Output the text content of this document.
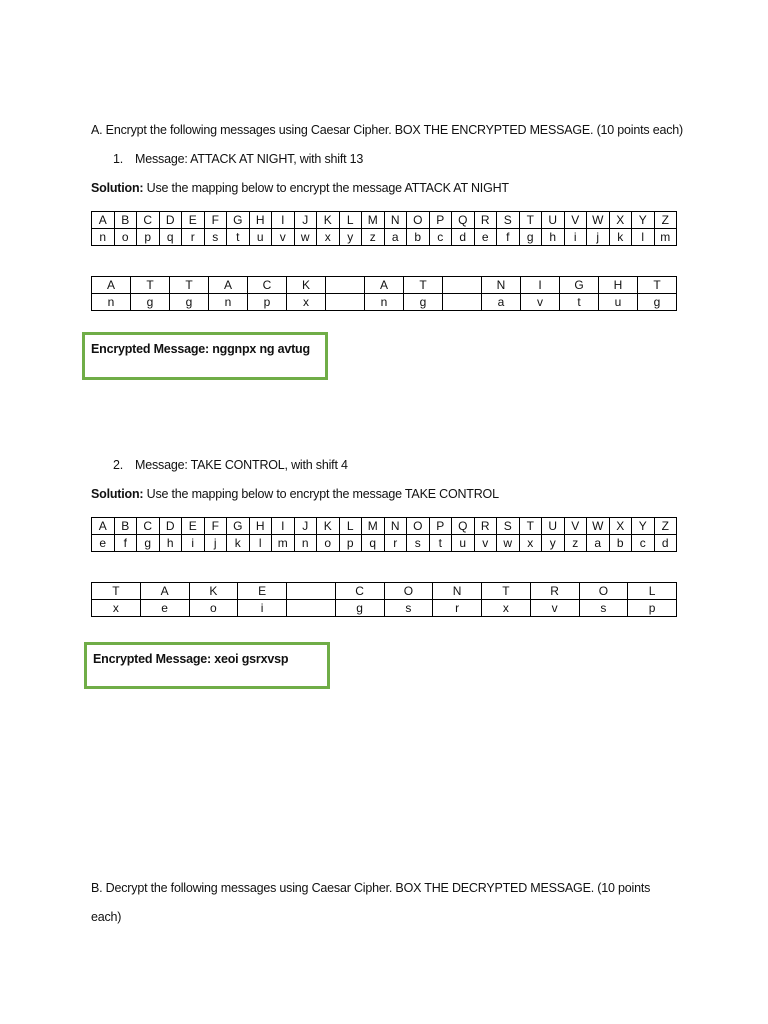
A. Encrypt the following messages using Caesar Cipher. BOX THE ENCRYPTED MESSAGE. (10 points each)
1. Message: ATTACK AT NIGHT, with shift 13
Solution: Use the mapping below to encrypt the message ATTACK AT NIGHT
A	B	C	D	E	F	G	H	I	J	K	L	M	N	O	P	Q	R	S	T	U	V	W	X	Y	Z
n	o	p	q	r	s	t	u	v	w	x	y	z	a	b	c	d	e	f	g	h	i	j	k	l	m
A	T	T	A	C	K		A	T		N	I	G	H	T
n	g	g	n	p	x		n	g		a	v	t	u	g
Encrypted Message: nggnpx ng avtug
2. Message: TAKE CONTROL, with shift 4
Solution: Use the mapping below to encrypt the message TAKE CONTROL
A	B	C	D	E	F	G	H	I	J	K	L	M	N	O	P	Q	R	S	T	U	V	W	X	Y	Z
e	f	g	h	i	j	k	l	m	n	o	p	q	r	s	t	u	v	w	x	y	z	a	b	c	d
T	A	K	E		C	O	N	T	R	O	L
x	e	o	i		g	s	r	x	v	s	p
Encrypted Message: xeoi gsrxvsp
B. Decrypt the following messages using Caesar Cipher. BOX THE DECRYPTED MESSAGE. (10 points
each)
